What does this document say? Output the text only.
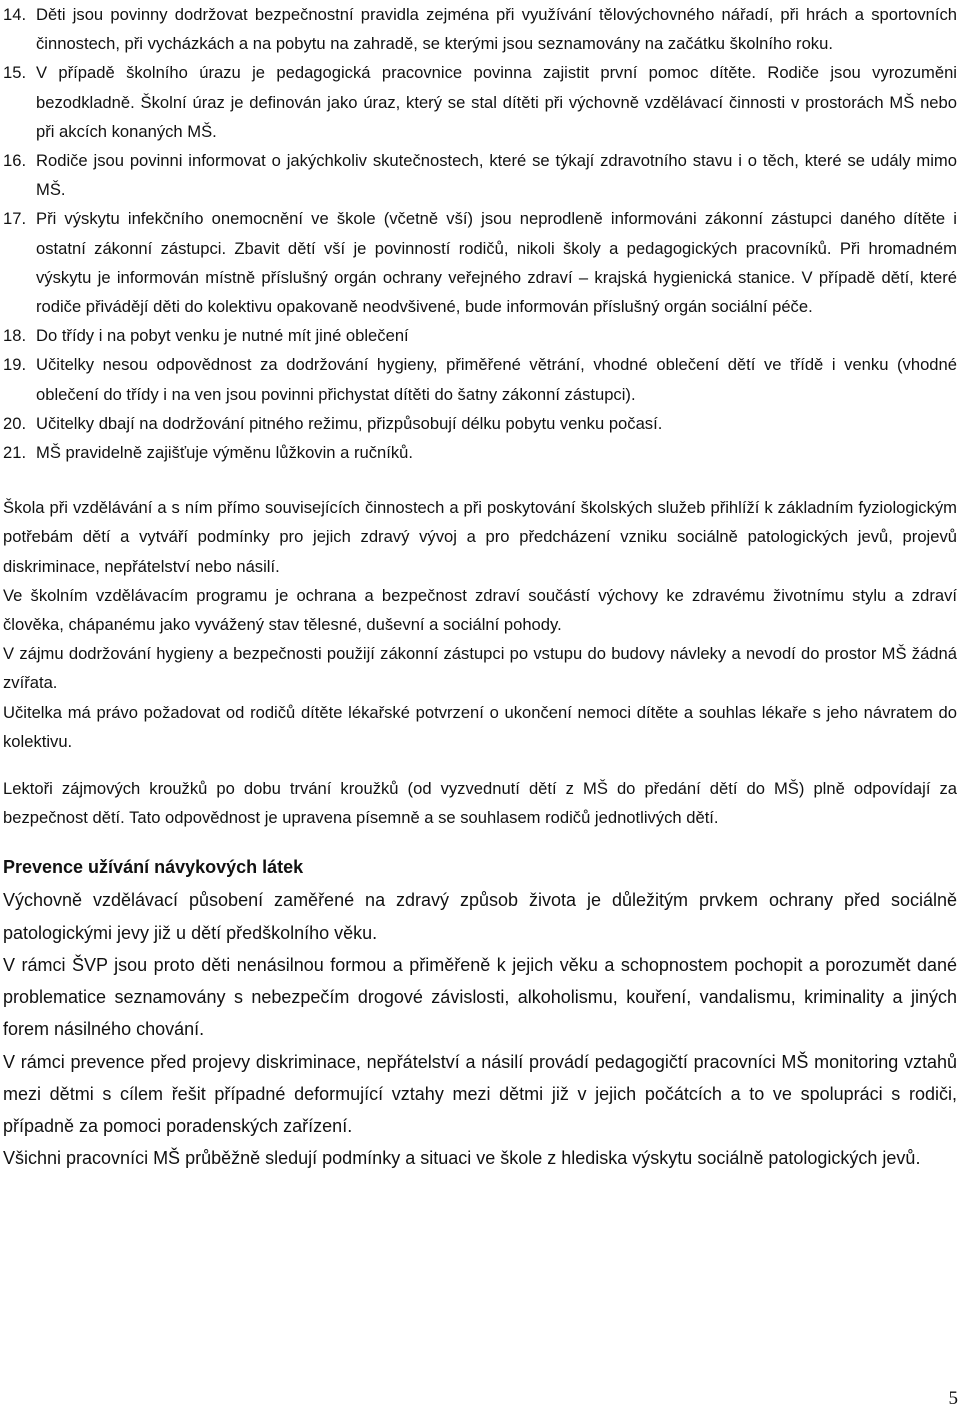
14. Děti jsou povinny dodržovat bezpečnostní pravidla zejména při využívání tělovýchovného nářadí, při hrách a sportovních činnostech, při vycházkách a na pobytu na zahradě, se kterými jsou seznamovány na začátku školního roku.
15. V případě školního úrazu je pedagogická pracovnice povinna zajistit první pomoc dítěte. Rodiče jsou vyrozuměni bezodkladně. Školní úraz je definován jako úraz, který se stal dítěti při výchovně vzdělávací činnosti v prostorách MŠ nebo při akcích konaných MŠ.
16. Rodiče jsou povinni informovat o jakýchkoliv skutečnostech, které se týkají zdravotního stavu i o těch, které se udály mimo MŠ.
17. Při výskytu infekčního onemocnění ve škole (včetně vší) jsou neprodleně informováni zákonní zástupci daného dítěte i ostatní zákonní zástupci. Zbavit dětí vší je povinností rodičů, nikoli školy a pedagogických pracovníků. Při hromadném výskytu je informován místně příslušný orgán ochrany veřejného zdraví – krajská hygienická stanice. V případě dětí, které rodiče přivádějí děti do kolektivu opakovaně neodvšivené, bude informován příslušný orgán sociální péče.
18. Do třídy i na pobyt venku je nutné mít jiné oblečení
19. Učitelky nesou odpovědnost za dodržování hygieny, přiměřené větrání, vhodné oblečení dětí ve třídě i venku (vhodné oblečení do třídy i na ven jsou povinni přichystat dítěti do šatny zákonní zástupci).
20. Učitelky dbají na dodržování pitného režimu, přizpůsobují délku pobytu venku počasí.
21. MŠ pravidelně zajišťuje výměnu lůžkovin a ručníků.

Škola při vzdělávání a s ním přímo souvisejících činnostech a při poskytování školských služeb přihlíží k základním fyziologickým potřebám dětí a vytváří podmínky pro jejich zdravý vývoj a pro předcházení vzniku sociálně patologických jevů, projevů diskriminace, nepřátelství nebo násilí.

Ve školním vzdělávacím programu je ochrana a bezpečnost zdraví součástí výchovy ke zdravému životnímu stylu a zdraví člověka, chápanému jako vyvážený stav tělesné, duševní a sociální pohody.

V zájmu dodržování hygieny a bezpečnosti použijí zákonní zástupci po vstupu do budovy návleky a nevodí do prostor MŠ žádná zvířata.

Učitelka má právo požadovat od rodičů dítěte lékařské potvrzení o ukončení nemoci dítěte a souhlas lékaře s jeho návratem do kolektivu.

Lektoři zájmových kroužků po dobu trvání kroužků (od vyzvednutí dětí z MŠ do předání dětí do MŠ) plně odpovídají za bezpečnost dětí. Tato odpovědnost je upravena písemně a se souhlasem rodičů jednotlivých dětí.

Prevence užívání návykových látek

Výchovně vzdělávací působení zaměřené na zdravý způsob života je důležitým prvkem ochrany před sociálně patologickými jevy již u dětí předškolního věku.

V rámci ŠVP jsou proto děti nenásilnou formou a přiměřeně k jejich věku a schopnostem pochopit a porozumět dané problematice seznamovány s nebezpečím drogové závislosti, alkoholismu, kouření, vandalismu, kriminality a jiných forem násilného chování.

V rámci prevence před projevy diskriminace, nepřátelství a násilí provádí pedagogičtí pracovníci MŠ monitoring vztahů mezi dětmi s cílem řešit případné deformující vztahy mezi dětmi již v jejich počátcích a to ve spolupráci s rodiči, případně za pomoci poradenských zařízení.

Všichni pracovníci MŠ průběžně sledují podmínky a situaci ve škole z hlediska výskytu sociálně patologických jevů.

5
